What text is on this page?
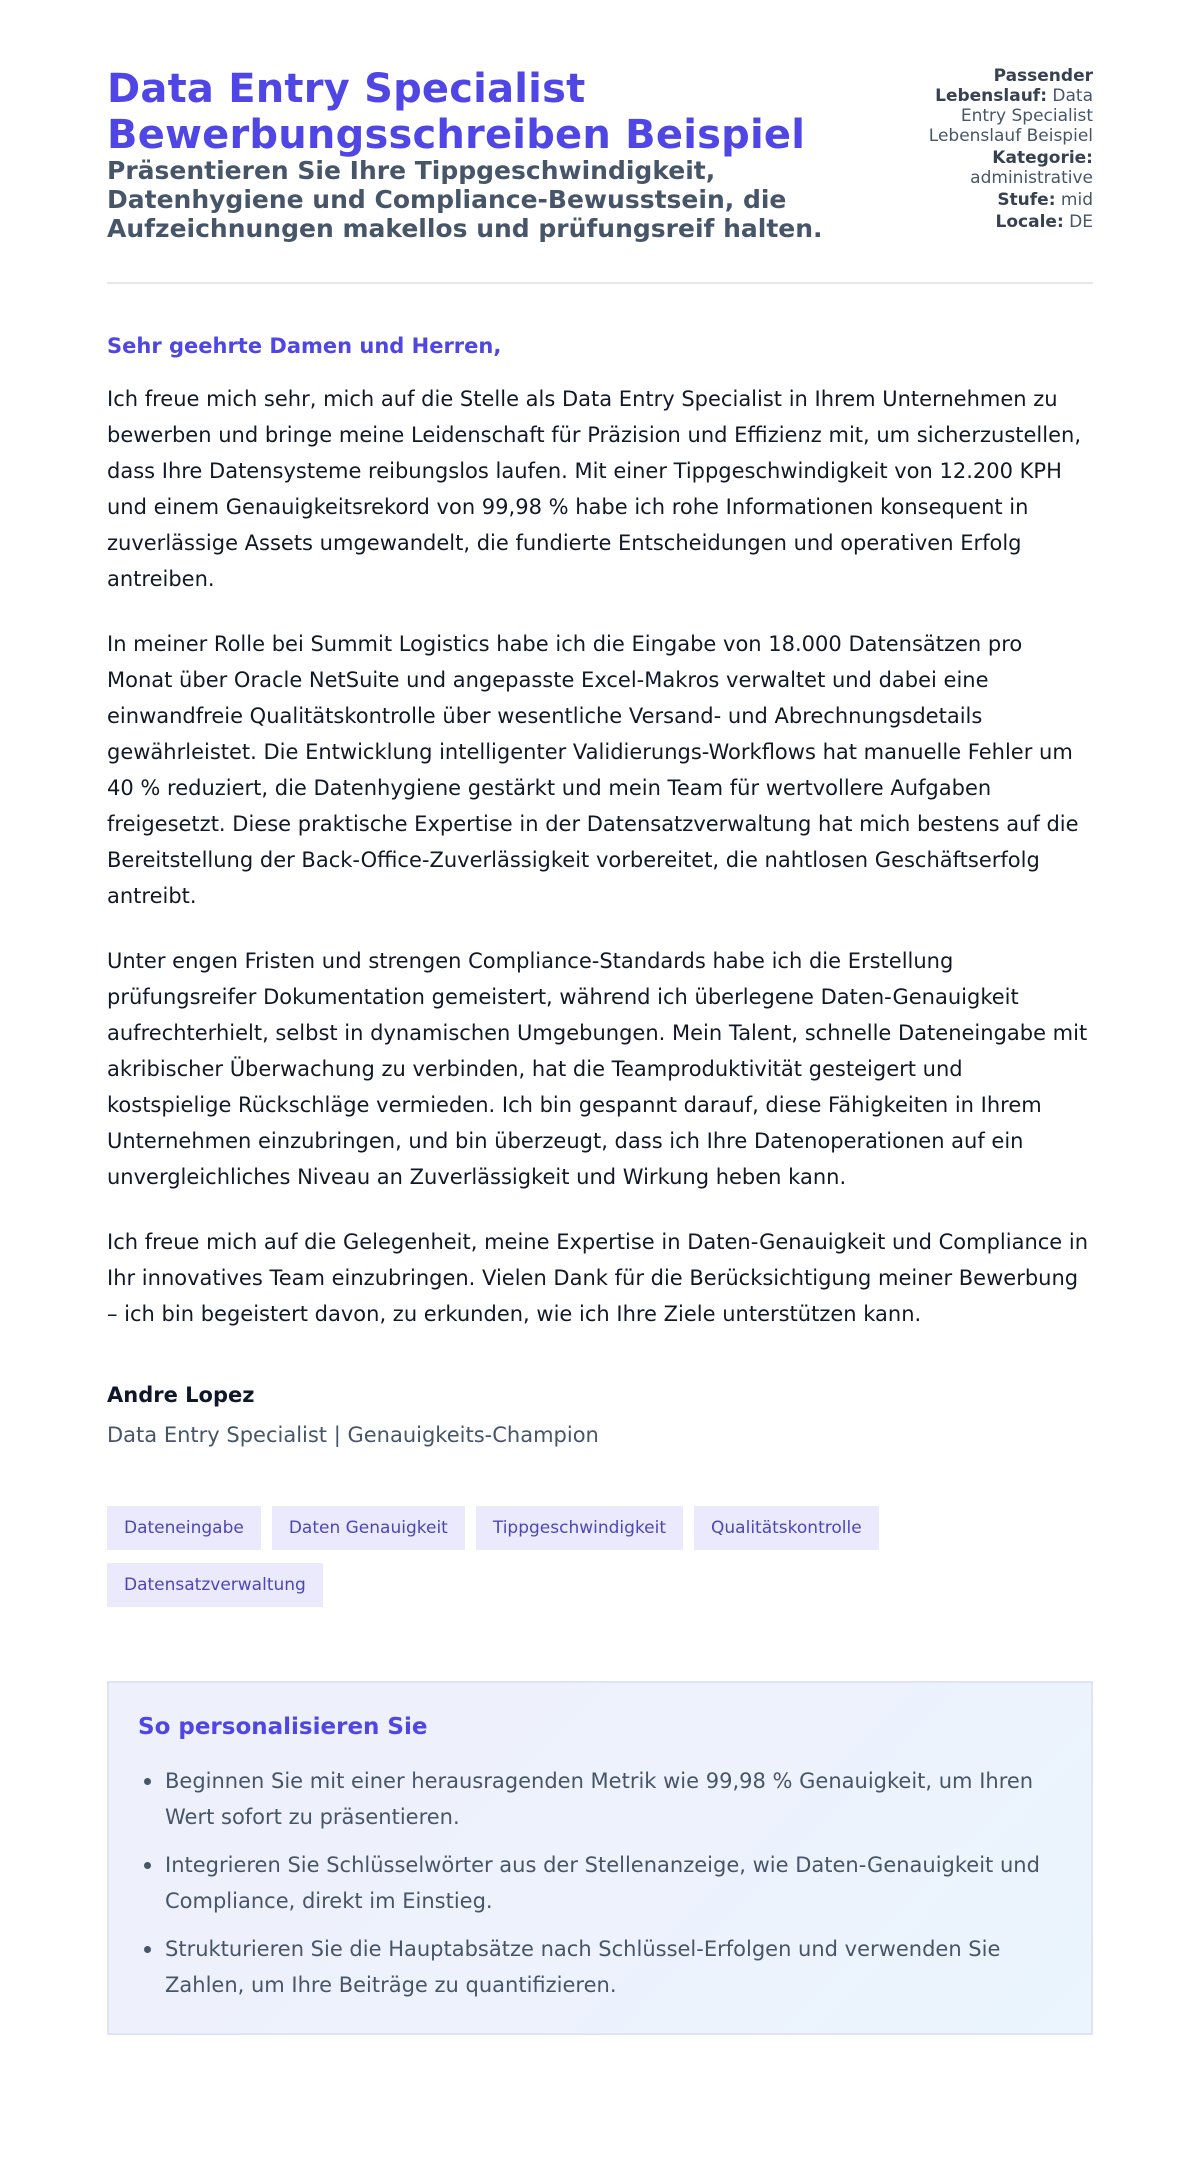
Data Entry Specialist Bewerbungsschreiben Beispiel
Präsentieren Sie Ihre Tippgeschwindigkeit, Datenhygiene und Compliance-Bewusstsein, die Aufzeichnungen makellos und prüfungsreif halten.
Passender Lebenslauf: Data Entry Specialist Lebenslauf Beispiel
Kategorie: administrative
Stufe: mid
Locale: DE
Sehr geehrte Damen und Herren,

Ich freue mich sehr, mich auf die Stelle als Data Entry Specialist in Ihrem Unternehmen zu bewerben und bringe meine Leidenschaft für Präzision und Effizienz mit, um sicherzustellen, dass Ihre Datensysteme reibungslos laufen. Mit einer Tippgeschwindigkeit von 12.200 KPH und einem Genauigkeitsrekord von 99,98 % habe ich rohe Informationen konsequent in zuverlässige Assets umgewandelt, die fundierte Entscheidungen und operativen Erfolg antreiben.

In meiner Rolle bei Summit Logistics habe ich die Eingabe von 18.000 Datensätzen pro Monat über Oracle NetSuite und angepasste Excel-Makros verwaltet und dabei eine einwandfreie Qualitätskontrolle über wesentliche Versand- und Abrechnungsdetails gewährleistet. Die Entwicklung intelligenter Validierungs-Workflows hat manuelle Fehler um 40 % reduziert, die Datenhygiene gestärkt und mein Team für wertvollere Aufgaben freigesetzt. Diese praktische Expertise in der Datensatzverwaltung hat mich bestens auf die Bereitstellung der Back-Office-Zuverlässigkeit vorbereitet, die nahtlosen Geschäftserfolg antreibt.

Unter engen Fristen und strengen Compliance-Standards habe ich die Erstellung prüfungsreifer Dokumentation gemeistert, während ich überlegene Daten-Genauigkeit aufrechterhielt, selbst in dynamischen Umgebungen. Mein Talent, schnelle Dateneingabe mit akribischer Überwachung zu verbinden, hat die Teamproduktivität gesteigert und kostspielige Rückschläge vermieden. Ich bin gespannt darauf, diese Fähigkeiten in Ihrem Unternehmen einzubringen, und bin überzeugt, dass ich Ihre Datenoperationen auf ein unvergleichliches Niveau an Zuverlässigkeit und Wirkung heben kann.

Ich freue mich auf die Gelegenheit, meine Expertise in Daten-Genauigkeit und Compliance in Ihr innovatives Team einzubringen. Vielen Dank für die Berücksichtigung meiner Bewerbung – ich bin begeistert davon, zu erkunden, wie ich Ihre Ziele unterstützen kann.

Andre Lopez
Data Entry Specialist | Genauigkeits-Champion
Dateneingabe	Daten Genauigkeit	Tippgeschwindigkeit	Qualitätskontrolle
Datensatzverwaltung
So personalisieren Sie
Beginnen Sie mit einer herausragenden Metrik wie 99,98 % Genauigkeit, um Ihren Wert sofort zu präsentieren.
Integrieren Sie Schlüsselwörter aus der Stellenanzeige, wie Daten-Genauigkeit und Compliance, direkt im Einstieg.
Strukturieren Sie die Hauptabsätze nach Schlüssel-Erfolgen und verwenden Sie Zahlen, um Ihre Beiträge zu quantifizieren.
